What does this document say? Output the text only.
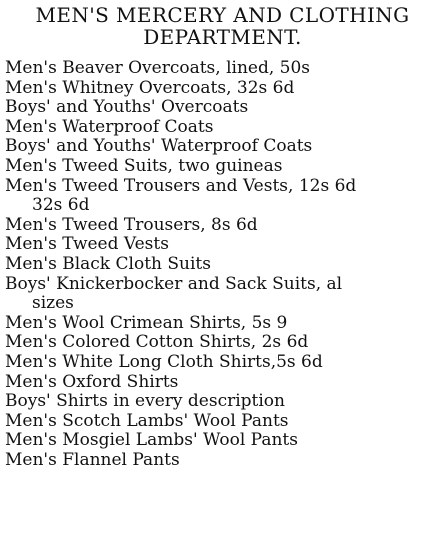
MEN'S MERCERY AND CLOTHING
DEPARTMENT.
Men's Beaver Overcoats, lined, 50s
Men's Whitney Overcoats, 32s 6d
Boys' and Youths' Overcoats
Men's Waterproof Coats
Boys' and Youths' Waterproof Coats
Men's Tweed Suits, two guineas
Men's Tweed Trousers and Vests, 12s 6d
32s 6d
Men's Tweed Trousers, 8s 6d
Men's Tweed Vests
Men's Black Cloth Suits
Boys' Knickerbocker and Sack Suits, al
sizes
Men's Wool Crimean Shirts, 5s 9
Men's Colored Cotton Shirts, 2s 6d
Men's White Long Cloth Shirts,5s 6d
Men's Oxford Shirts
Boys' Shirts in every description
Men's Scotch Lambs' Wool Pants
Men's Mosgiel Lambs' Wool Pants
Men's Flannel Pants
